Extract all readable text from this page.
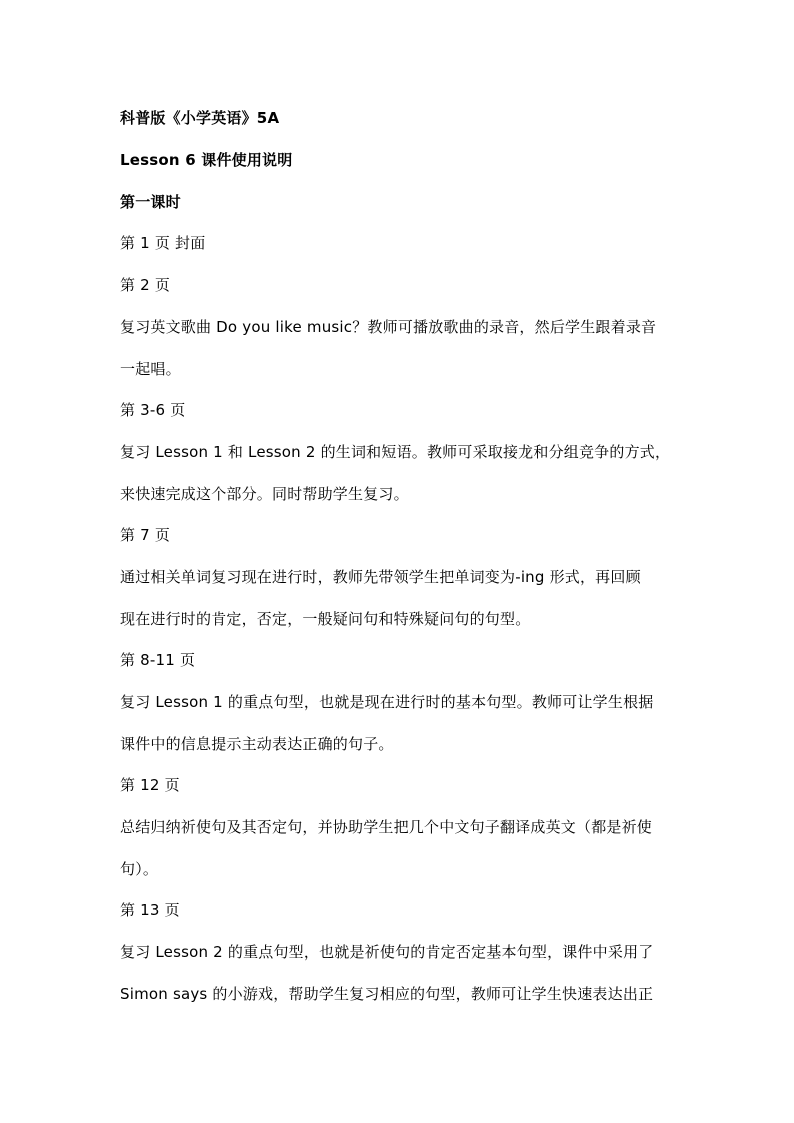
科普版《小学英语》5A
Lesson 6 课件使用说明
第一课时
第 1 页 封面
第 2 页
复习英文歌曲 Do you like music？教师可播放歌曲的录音，然后学生跟着录音
一起唱。
第 3-6 页
复习 Lesson 1 和 Lesson 2 的生词和短语。教师可采取接龙和分组竞争的方式，
来快速完成这个部分。同时帮助学生复习。
第 7 页
通过相关单词复习现在进行时，教师先带领学生把单词变为-ing 形式，再回顾
现在进行时的肯定，否定，一般疑问句和特殊疑问句的句型。
第 8-11 页
复习 Lesson 1 的重点句型，也就是现在进行时的基本句型。教师可让学生根据
课件中的信息提示主动表达正确的句子。
第 12 页
总结归纳祈使句及其否定句，并协助学生把几个中文句子翻译成英文（都是祈使
句）。
第 13 页
复习 Lesson 2 的重点句型，也就是祈使句的肯定否定基本句型，课件中采用了
Simon says 的小游戏，帮助学生复习相应的句型，教师可让学生快速表达出正
